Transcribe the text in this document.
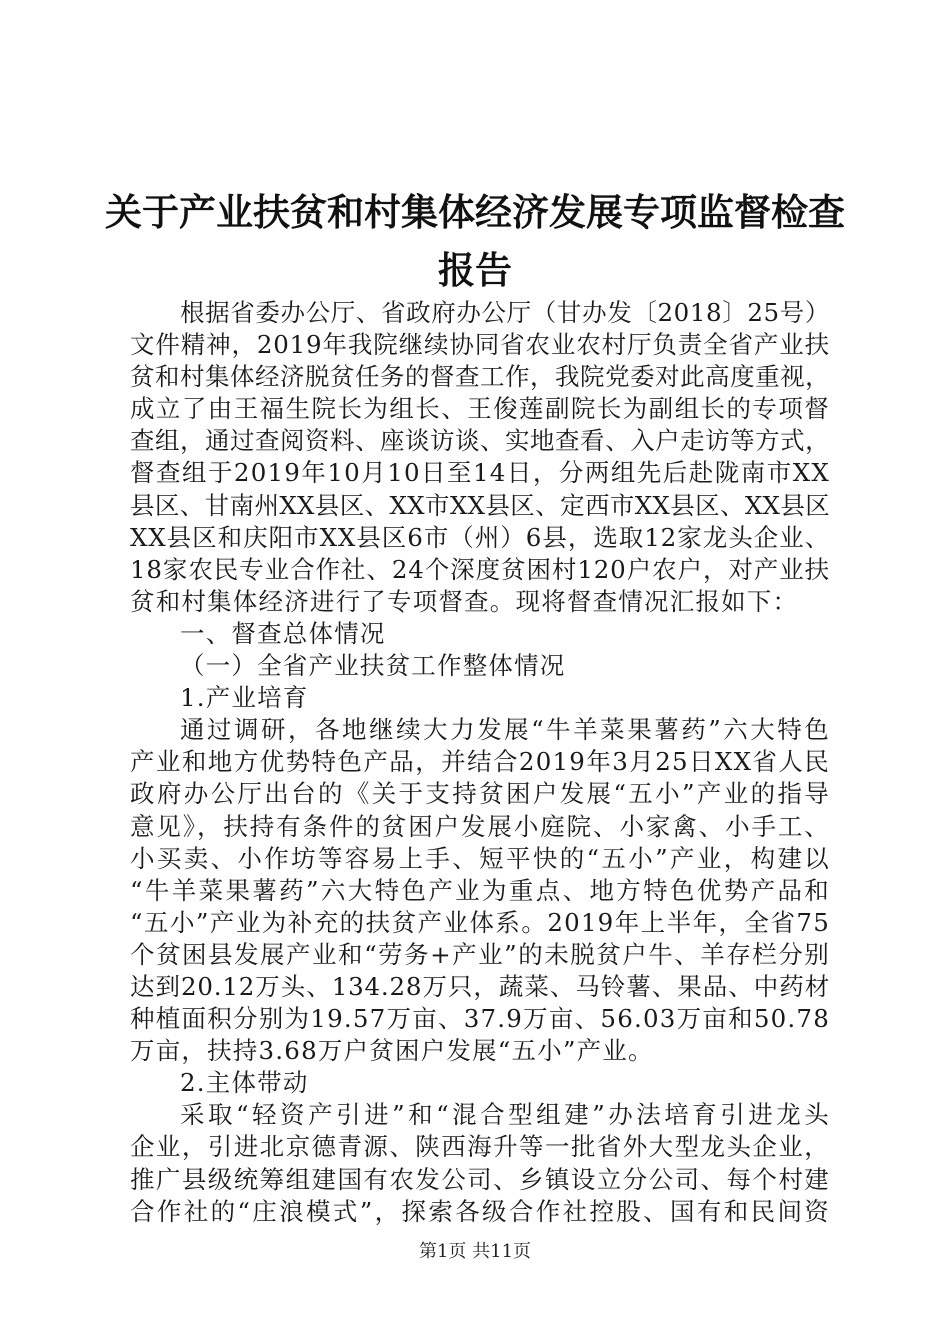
关于产业扶贫和村集体经济发展专项监督检查
报告
根据省委办公厅、省政府办公厅（甘办发〔2018〕25号）
文件精神，2019年我院继续协同省农业农村厅负责全省产业扶
贫和村集体经济脱贫任务的督查工作，我院党委对此高度重视，
成立了由王福生院长为组长、王俊莲副院长为副组长的专项督
查组，通过查阅资料、座谈访谈、实地查看、入户走访等方式，
督查组于2019年10月10日至14日，分两组先后赴陇南市XX
县区、甘南州XX县区、XX市XX县区、定西市XX县区、XX县区
XX县区和庆阳市XX县区6市（州）6县，选取12家龙头企业、
18家农民专业合作社、24个深度贫困村120户农户，对产业扶
贫和村集体经济进行了专项督查。现将督查情况汇报如下：
一、督查总体情况
（一）全省产业扶贫工作整体情况
1.产业培育
通过调研，各地继续大力发展“牛羊菜果薯药”六大特色
产业和地方优势特色产品，并结合2019年3月25日XX省人民
政府办公厅出台的《关于支持贫困户发展“五小”产业的指导
意见》，扶持有条件的贫困户发展小庭院、小家禽、小手工、
小买卖、小作坊等容易上手、短平快的“五小”产业，构建以
“牛羊菜果薯药”六大特色产业为重点、地方特色优势产品和
“五小”产业为补充的扶贫产业体系。2019年上半年，全省75
个贫困县发展产业和“劳务+产业”的未脱贫户牛、羊存栏分别
达到20.12万头、134.28万只，蔬菜、马铃薯、果品、中药材
种植面积分别为19.57万亩、37.9万亩、56.03万亩和50.78
万亩，扶持3.68万户贫困户发展“五小”产业。
2.主体带动
采取“轻资产引进”和“混合型组建”办法培育引进龙头
企业，引进北京德青源、陕西海升等一批省外大型龙头企业，
推广县级统筹组建国有农发公司、乡镇设立分公司、每个村建
合作社的“庄浪模式”，探索各级合作社控股、国有和民间资
第1页 共11页
